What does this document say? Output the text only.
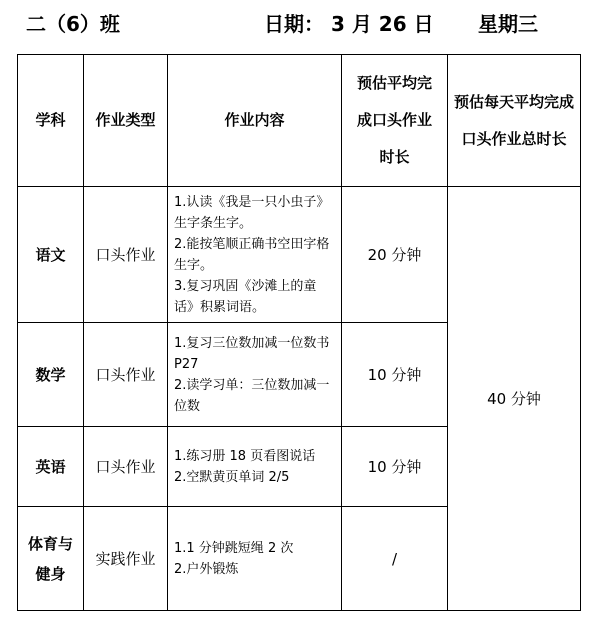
二（6）班	日期： 3 月 26 日 星期三
学科	作业类型	作业内容	预估平均完成口头作业时长	预估每天平均完成口头作业总时长
语文	口头作业	1.认读《我是一只小虫子》生字条生字。
2.能按笔顺正确书空田字格生字。
3.复习巩固《沙滩上的童话》积累词语。	20 分钟	40 分钟
数学	口头作业	1.复习三位数加减一位数书 P27
2.读学习单：三位数加减一位数	10 分钟	
英语	口头作业	1.练习册 18 页看图说话
2.空默黄页单词 2/5	10 分钟	
体育与健身	实践作业	1.1 分钟跳短绳 2 次
2.户外锻炼	/	
